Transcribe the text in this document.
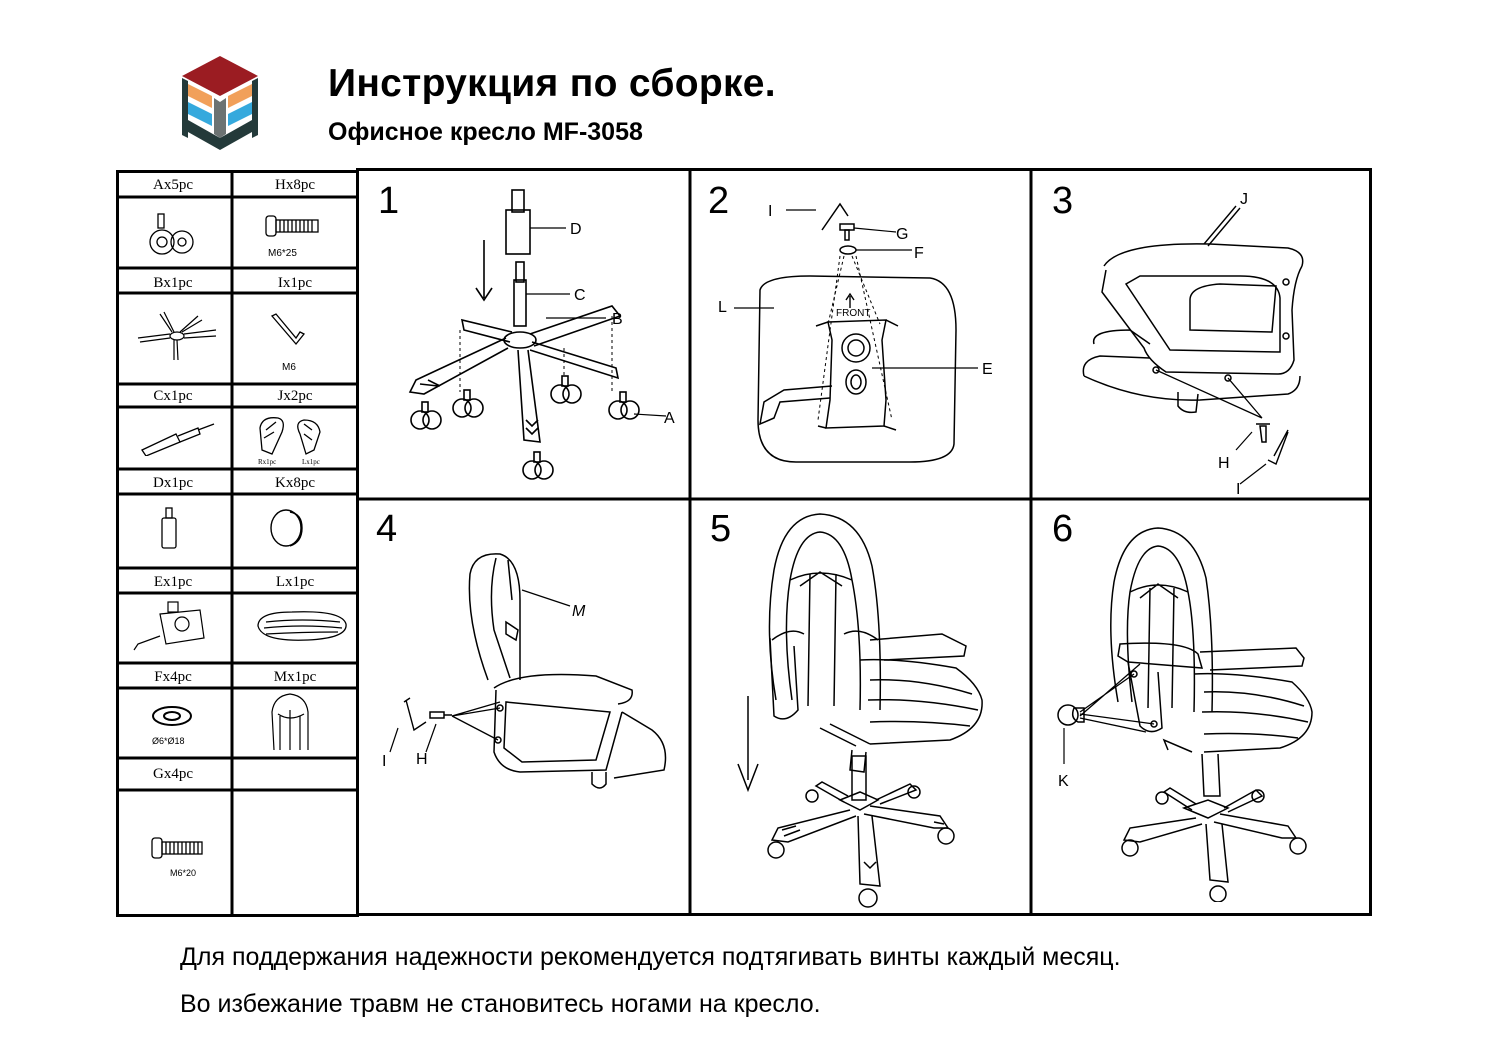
Инструкция по сборке.
Офисное кресло MF-3058
Ax5pc	Hx8pc
M6*25
Bx1pc	Ix1pc
M6
Cx1pc	Jx2pc
Rx1pc	Lx1pc
Dx1pc	Kx8pc
Ex1pc	Lx1pc
Fx4pc	Mx1pc
Ø6*Ø18
Gx4pc
M6*20
1
D
C
B
A
2 I
G
F
L
E
FRONT
3	J
H
I
4
M
I H
5	6
K
Для поддержания надежности рекомендуется подтягивать винты каждый месяц.
Во избежание травм не становитесь ногами на кресло.
